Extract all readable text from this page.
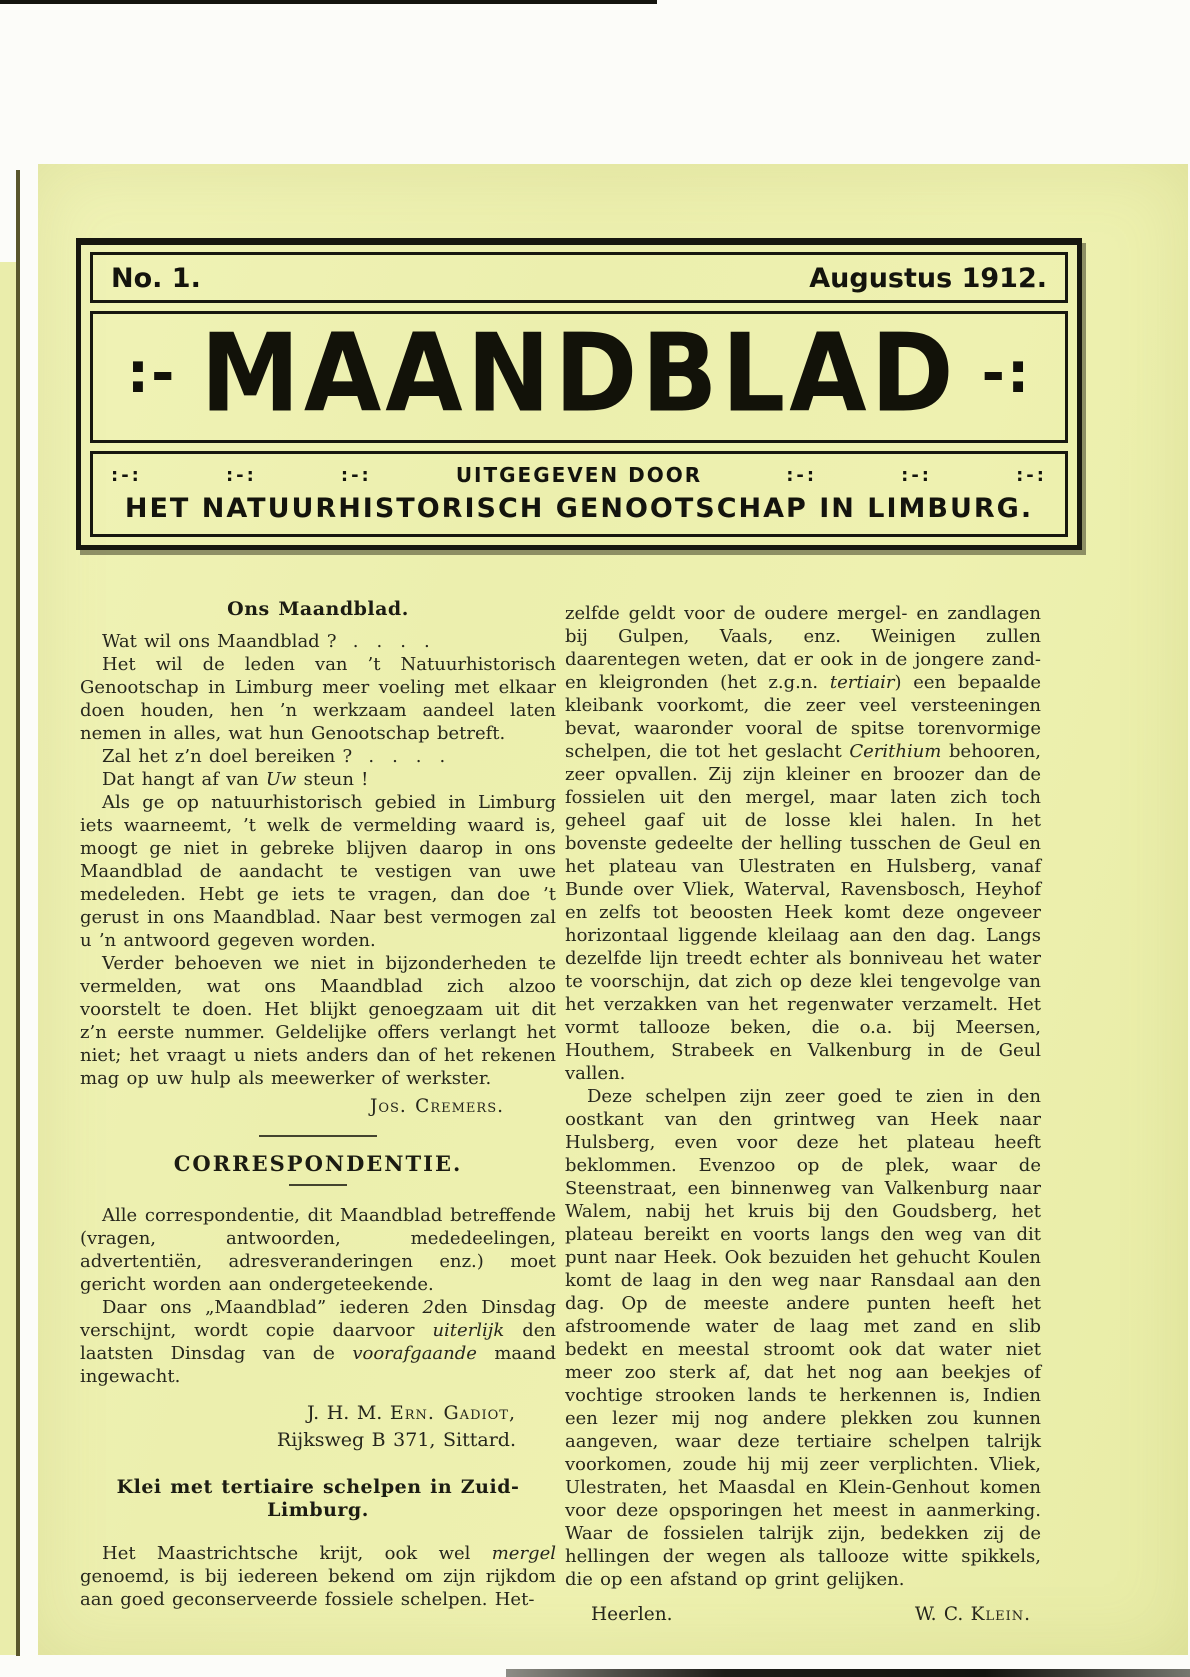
No. 1.	Augustus 1912.
:- MAANDBLAD -:
:-:	:-:	:-:	UITGEGEVEN DOOR	:-:	:-:	:-:
HET NATUURHISTORISCH GENOOTSCHAP IN LIMBURG.
Ons Maandblad.

Wat wil ons Maandblad ?  . . . .

Het wil de leden van ’t Natuurhistorisch Genootschap in Limburg meer voeling met elkaar doen houden, hen ’n werkzaam aandeel laten nemen in alles, wat hun Genootschap betreft.

Zal het z’n doel bereiken ?  . . . .

Dat hangt af van Uw steun !

Als ge op natuurhistorisch gebied in Limburg iets waarneemt, ’t welk de vermelding waard is, moogt ge niet in gebreke blijven daarop in ons Maandblad de aandacht te vestigen van uwe medeleden. Hebt ge iets te vragen, dan doe ’t gerust in ons Maandblad. Naar best vermogen zal u ’n antwoord gegeven worden.

Verder behoeven we niet in bijzonderheden te vermelden, wat ons Maandblad zich alzoo voorstelt te doen. Het blijkt genoegzaam uit dit z’n eerste nummer. Geldelijke offers verlangt het niet; het vraagt u niets anders dan of het rekenen mag op uw hulp als meewerker of werkster.

Jos. Cremers.
CORRESPONDENTIE.

Alle correspondentie, dit Maandblad betreffende (vragen, antwoorden, mededeelingen, advertentiën, adresveranderingen enz.) moet gericht worden aan ondergeteekende.

Daar ons „Maandblad” iederen 2den Dinsdag verschijnt, wordt copie daarvoor uiterlijk den laatsten Dinsdag van de voorafgaande maand ingewacht.

J. H. M. Ern. Gadiot,
Rijksweg B 371, Sittard.
Klei met tertiaire schelpen in Zuid-Limburg.

Het Maastrichtsche krijt, ook wel mergel genoemd, is bij iedereen bekend om zijn rijkdom aan goed geconserveerde fossiele schelpen. Het-

zelfde geldt voor de oudere mergel- en zandlagen bij Gulpen, Vaals, enz. Weinigen zullen daarentegen weten, dat er ook in de jongere zand- en kleigronden (het z.g.n. tertiair) een bepaalde kleibank voorkomt, die zeer veel versteeningen bevat, waaronder vooral de spitse torenvormige schelpen, die tot het geslacht Cerithium behooren, zeer opvallen. Zij zijn kleiner en broozer dan de fossielen uit den mergel, maar laten zich toch geheel gaaf uit de losse klei halen. In het bovenste gedeelte der helling tusschen de Geul en het plateau van Ulestraten en Hulsberg, vanaf Bunde over Vliek, Waterval, Ravensbosch, Heyhof en zelfs tot beoosten Heek komt deze ongeveer horizontaal liggende kleilaag aan den dag. Langs dezelfde lijn treedt echter als bonniveau het water te voorschijn, dat zich op deze klei tengevolge van het verzakken van het regenwater verzamelt. Het vormt tallooze beken, die o.a. bij Meersen, Houthem, Strabeek en Valkenburg in de Geul vallen.

Deze schelpen zijn zeer goed te zien in den oostkant van den grintweg van Heek naar Hulsberg, even voor deze het plateau heeft beklommen. Evenzoo op de plek, waar de Steenstraat, een binnenweg van Valkenburg naar Walem, nabij het kruis bij den Goudsberg, het plateau bereikt en voorts langs den weg van dit punt naar Heek. Ook bezuiden het gehucht Koulen komt de laag in den weg naar Ransdaal aan den dag. Op de meeste andere punten heeft het afstroomende water de laag met zand en slib bedekt en meestal stroomt ook dat water niet meer zoo sterk af, dat het nog aan beekjes of vochtige strooken lands te herkennen is, Indien een lezer mij nog andere plekken zou kunnen aangeven, waar deze tertiaire schelpen talrijk voorkomen, zoude hij mij zeer verplichten. Vliek, Ulestraten, het Maasdal en Klein-Genhout komen voor deze opsporingen het meest in aanmerking. Waar de fossielen talrijk zijn, bedekken zij de hellingen der wegen als tallooze witte spikkels, die op een afstand op grint gelijken.

Heerlen.	W. C. Klein.
